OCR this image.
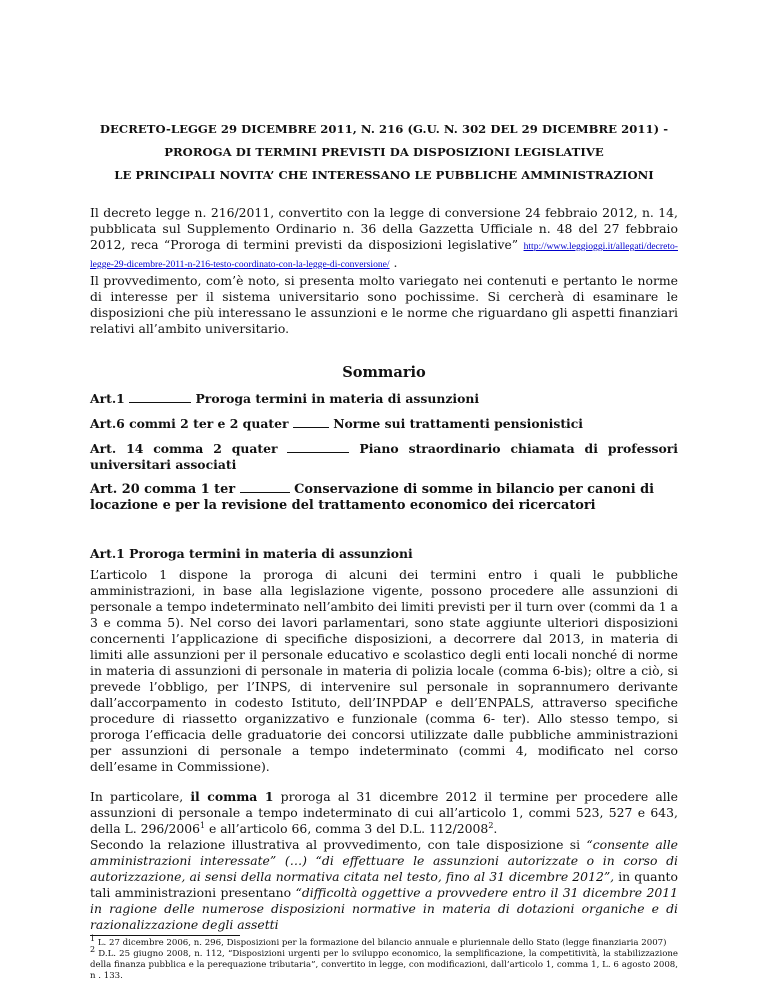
DECRETO-LEGGE 29 DICEMBRE 2011, N. 216 (G.U. N. 302 DEL 29 DICEMBRE 2011) -
PROROGA DI TERMINI PREVISTI DA DISPOSIZIONI LEGISLATIVE
LE PRINCIPALI NOVITA’ CHE INTERESSANO LE PUBBLICHE AMMINISTRAZIONI

Il decreto legge n. 216/2011, convertito con la legge di conversione 24 febbraio 2012, n. 14, pubblicata sul Supplemento Ordinario n. 36 della Gazzetta Ufficiale n. 48 del 27 febbraio 2012, reca “Proroga di termini previsti da disposizioni legislative” http://www.leggioggi.it/allegati/decreto-legge-29-dicembre-2011-n-216-testo-coordinato-con-la-legge-di-conversione/ .

Il provvedimento, com’è noto, si presenta molto variegato nei contenuti e pertanto le norme di interesse per il sistema universitario sono pochissime. Si cercherà di esaminare le disposizioni che più interessano le assunzioni e le norme che riguardano gli aspetti finanziari relativi all’ambito universitario.

Sommario
Art.1	Proroga termini in materia di assunzioni
Art.6 commi 2 ter e 2 quater	Norme sui trattamenti pensionistici
Art. 14 comma 2 quater	Piano straordinario chiamata di professori universitari associati
Art. 20 comma 1 ter	Conservazione di somme in bilancio per canoni di locazione e per la revisione del trattamento economico dei ricercatori
Art.1 Proroga termini in materia di assunzioni

L’articolo 1 dispone la proroga di alcuni dei termini entro i quali le pubbliche amministrazioni, in base alla legislazione vigente, possono procedere alle assunzioni di personale a tempo indeterminato nell’ambito dei limiti previsti per il turn over (commi da 1 a 3 e comma 5). Nel corso dei lavori parlamentari, sono state aggiunte ulteriori disposizioni concernenti l’applicazione di specifiche disposizioni, a decorrere dal 2013, in materia di limiti alle assunzioni per il personale educativo e scolastico degli enti locali nonché di norme in materia di assunzioni di personale in materia di polizia locale (comma 6-bis); oltre a ciò, si prevede l’obbligo, per l’INPS, di intervenire sul personale in soprannumero derivante dall’accorpamento in codesto Istituto, dell’INPDAP e dell’ENPALS, attraverso specifiche procedure di riassetto organizzativo e funzionale (comma 6- ter). Allo stesso tempo, si proroga l’efficacia delle graduatorie dei concorsi utilizzate dalle pubbliche amministrazioni per assunzioni di personale a tempo indeterminato (commi 4, modificato nel corso dell’esame in Commissione).

In particolare, il comma 1 proroga al 31 dicembre 2012 il termine per procedere alle assunzioni di personale a tempo indeterminato di cui all’articolo 1, commi 523, 527 e 643, della L. 296/2006$^1$ e all’articolo 66, comma 3 del D.L. 112/2008$^2$.

Secondo la relazione illustrativa al provvedimento, con tale disposizione si “consente alle amministrazioni interessate” (…) “di effettuare le assunzioni autorizzate o in corso di autorizzazione, ai sensi della normativa citata nel testo, fino al 31 dicembre 2012”, in quanto tali amministrazioni presentano “difficoltà oggettive a provvedere entro il 31 dicembre 2011 in ragione delle numerose disposizioni normative in materia di dotazioni organiche e di razionalizzazione degli assetti

$^1$ L. 27 dicembre 2006, n. 296, Disposizioni per la formazione del bilancio annuale e pluriennale dello Stato (legge finanziaria 2007)
$^2$ D.L. 25 giugno 2008, n. 112, “Disposizioni urgenti per lo sviluppo economico, la semplificazione, la competitività, la stabilizzazione della finanza pubblica e la perequazione tributaria”, convertito in legge, con modificazioni, dall’articolo 1, comma 1, L. 6 agosto 2008, n . 133.
